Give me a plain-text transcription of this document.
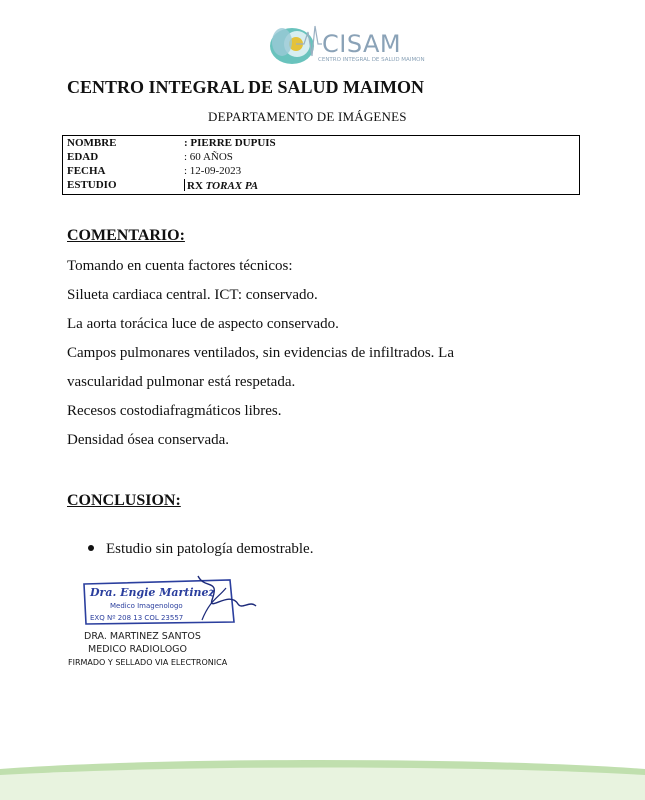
CISAM
CENTRO INTEGRAL DE SALUD MAIMON
CENTRO INTEGRAL DE SALUD MAIMON
DEPARTAMENTO DE IMÁGENES
NOMBRE	: PIERRE DUPUIS
EDAD	: 60 AÑOS
FECHA	: 12-09-2023
ESTUDIO	RX TORAX PA
COMENTARIO:
Tomando en cuenta factores técnicos:
Silueta cardiaca central. ICT: conservado.
La aorta torácica luce de aspecto conservado.
Campos pulmonares ventilados, sin evidencias de infiltrados. La
vascularidad pulmonar está respetada.
Recesos costodiafragmáticos libres.
Densidad ósea conservada.
CONCLUSION:
Estudio sin patología demostrable.
Dra. Engie Martinez
Medico Imagenologo
EXQ Nº 208 13 COL 23557
DRA. MARTINEZ SANTOS
MEDICO RADIOLOGO
FIRMADO Y SELLADO VIA ELECTRONICA
